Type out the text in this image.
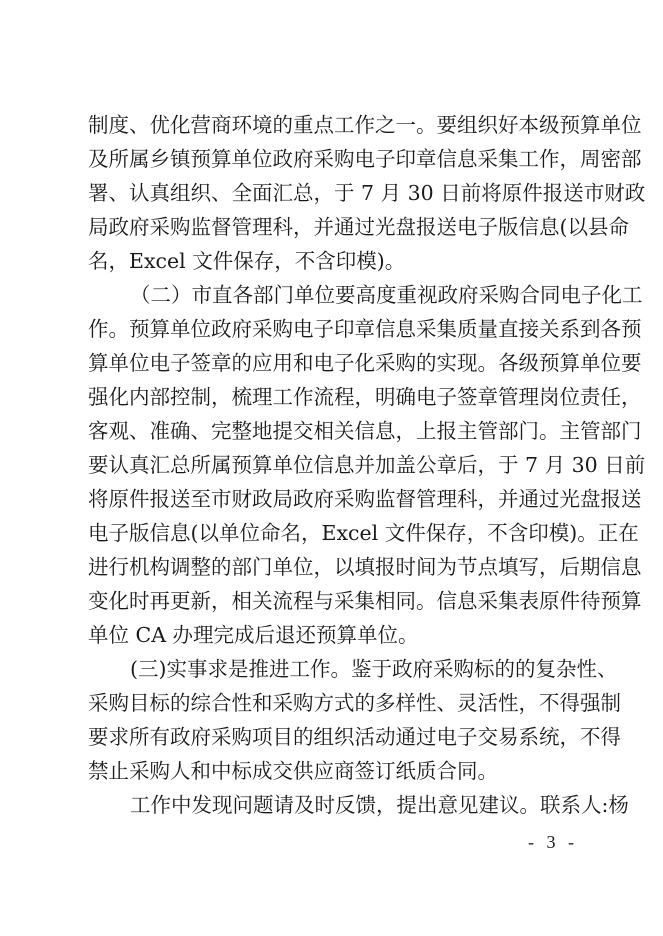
制度、优化营商环境的重点工作之一。要组织好本级预算单位
及所属乡镇预算单位政府采购电子印章信息采集工作，周密部
署、认真组织、全面汇总，于 7 月 30 日前将原件报送市财政
局政府采购监督管理科，并通过光盘报送电子版信息(以县命
名，Excel 文件保存，不含印模)。
（二）市直各部门单位要高度重视政府采购合同电子化工
作。预算单位政府采购电子印章信息采集质量直接关系到各预
算单位电子签章的应用和电子化采购的实现。各级预算单位要
强化内部控制，梳理工作流程，明确电子签章管理岗位责任，
客观、准确、完整地提交相关信息，上报主管部门。主管部门
要认真汇总所属预算单位信息并加盖公章后，于 7 月 30 日前
将原件报送至市财政局政府采购监督管理科，并通过光盘报送
电子版信息(以单位命名，Excel 文件保存，不含印模)。正在
进行机构调整的部门单位，以填报时间为节点填写，后期信息
变化时再更新，相关流程与采集相同。信息采集表原件待预算
单位 CA 办理完成后退还预算单位。
(三)实事求是推进工作。鉴于政府采购标的的复杂性、
采购目标的综合性和采购方式的多样性、灵活性，不得强制
要求所有政府采购项目的组织活动通过电子交易系统，不得
禁止采购人和中标成交供应商签订纸质合同。
工作中发现问题请及时反馈，提出意见建议。联系人:杨
- 3 -
